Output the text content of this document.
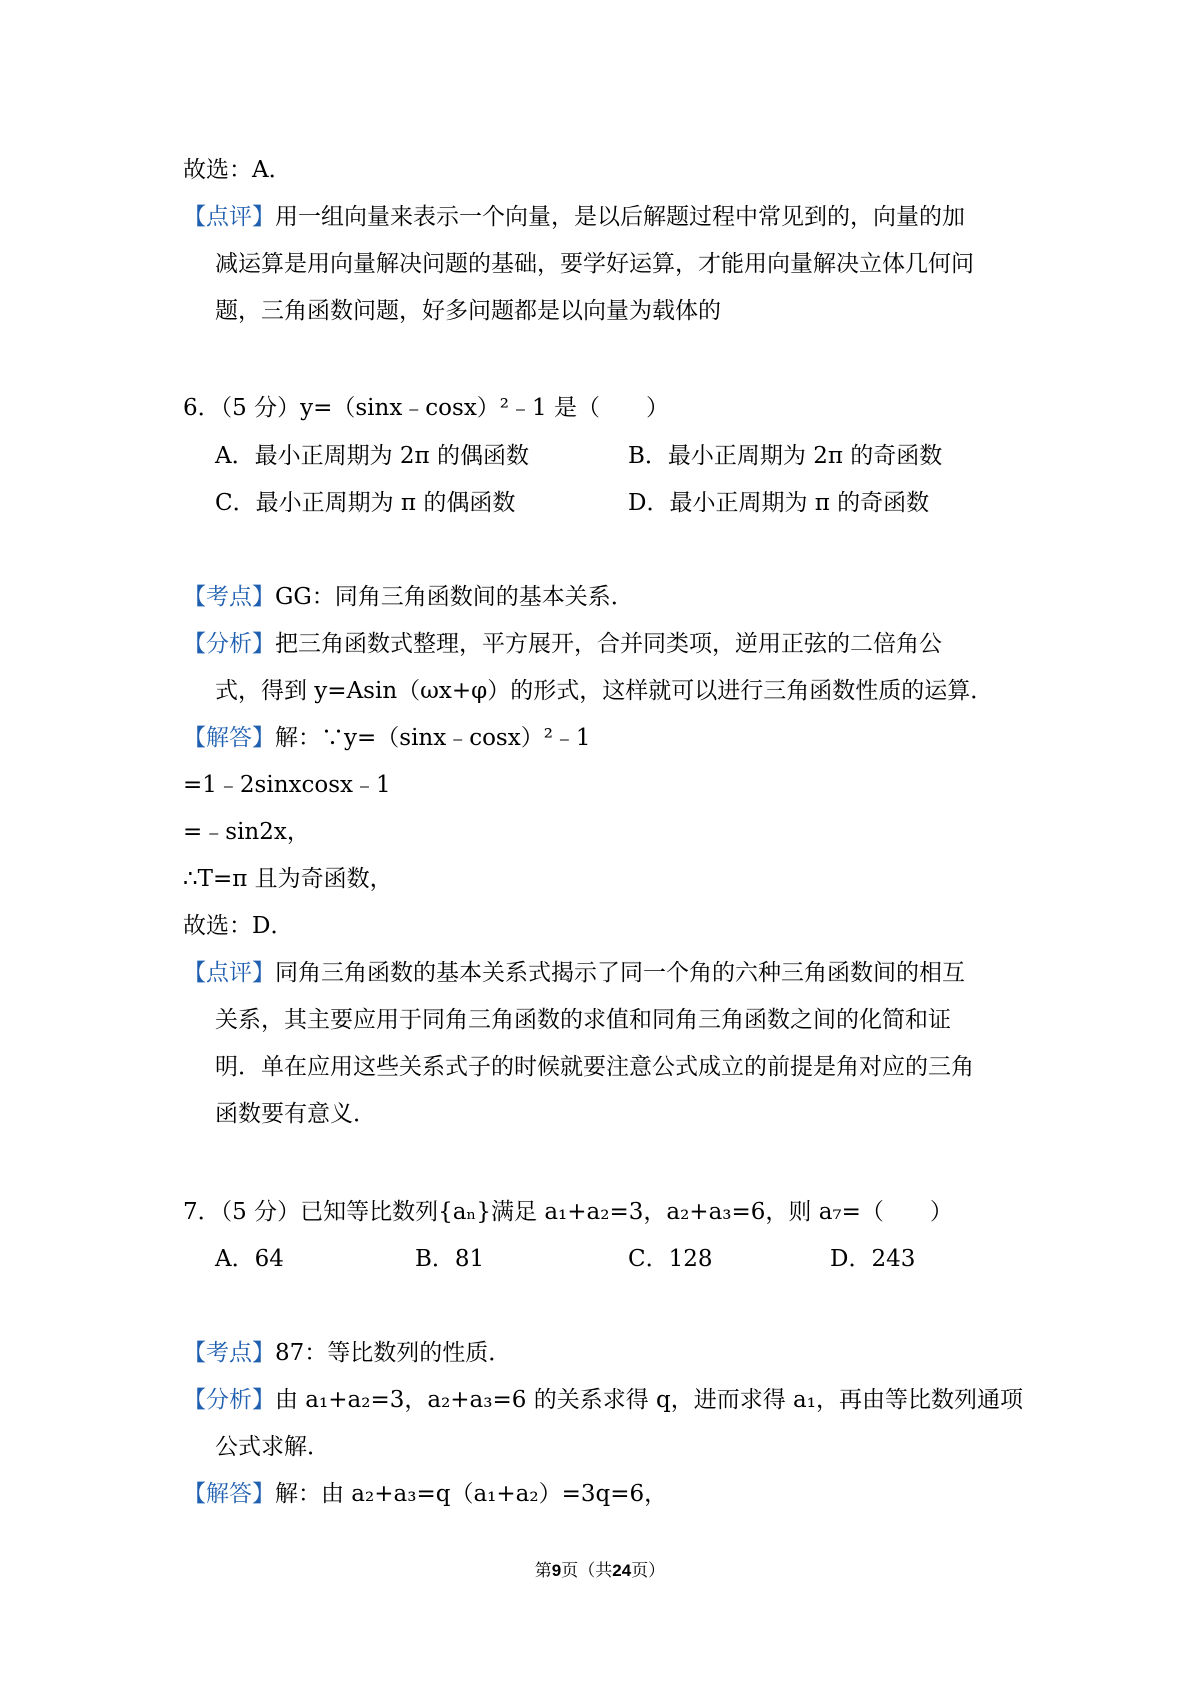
故选：A．
【点评】用一组向量来表示一个向量，是以后解题过程中常见到的，向量的加
减运算是用向量解决问题的基础，要学好运算，才能用向量解决立体几何问
题，三角函数问题，好多问题都是以向量为载体的
6．（5 分）y=（sinx﹣cosx）²﹣1 是（　　）
A．最小正周期为 2π 的偶函数	B．最小正周期为 2π 的奇函数
C．最小正周期为 π 的偶函数	D．最小正周期为 π 的奇函数
【考点】GG：同角三角函数间的基本关系．
【分析】把三角函数式整理，平方展开，合并同类项，逆用正弦的二倍角公
式，得到 y=Asin（ωx+φ）的形式，这样就可以进行三角函数性质的运算．
【解答】解：∵y=（sinx﹣cosx）²﹣1
=1﹣2sinxcosx﹣1
=﹣sin2x，
∴T=π 且为奇函数，
故选：D．
【点评】同角三角函数的基本关系式揭示了同一个角的六种三角函数间的相互
关系，其主要应用于同角三角函数的求值和同角三角函数之间的化简和证
明．单在应用这些关系式子的时候就要注意公式成立的前提是角对应的三角
函数要有意义．
7．（5 分）已知等比数列{aₙ}满足 a₁+a₂=3，a₂+a₃=6，则 a₇=（　　）
A．64	B．81	C．128	D．243
【考点】87：等比数列的性质．
【分析】由 a₁+a₂=3，a₂+a₃=6 的关系求得 q，进而求得 a₁，再由等比数列通项
公式求解．
【解答】解：由 a₂+a₃=q（a₁+a₂）=3q=6，
第9页（共24页）
